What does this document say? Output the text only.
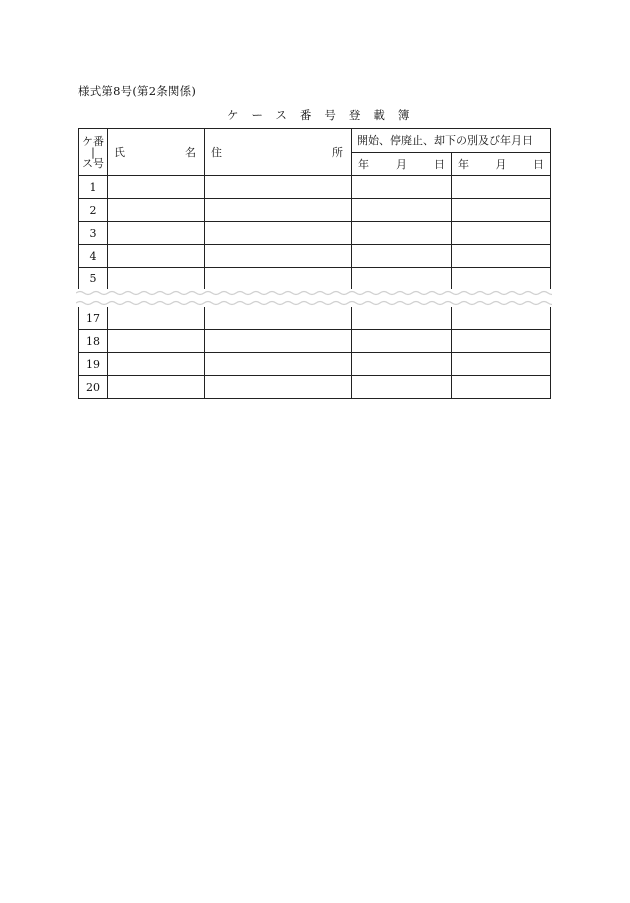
様式第8号(第2条関係)
ケース番号登載簿
ケ番
|
ス号	氏 名	住 所	開始、停廃止、却下の別及び年月日	

			年 月 日	年 月 日

1				
2				
3				
4				
5				
17				
18				
19				
20				
